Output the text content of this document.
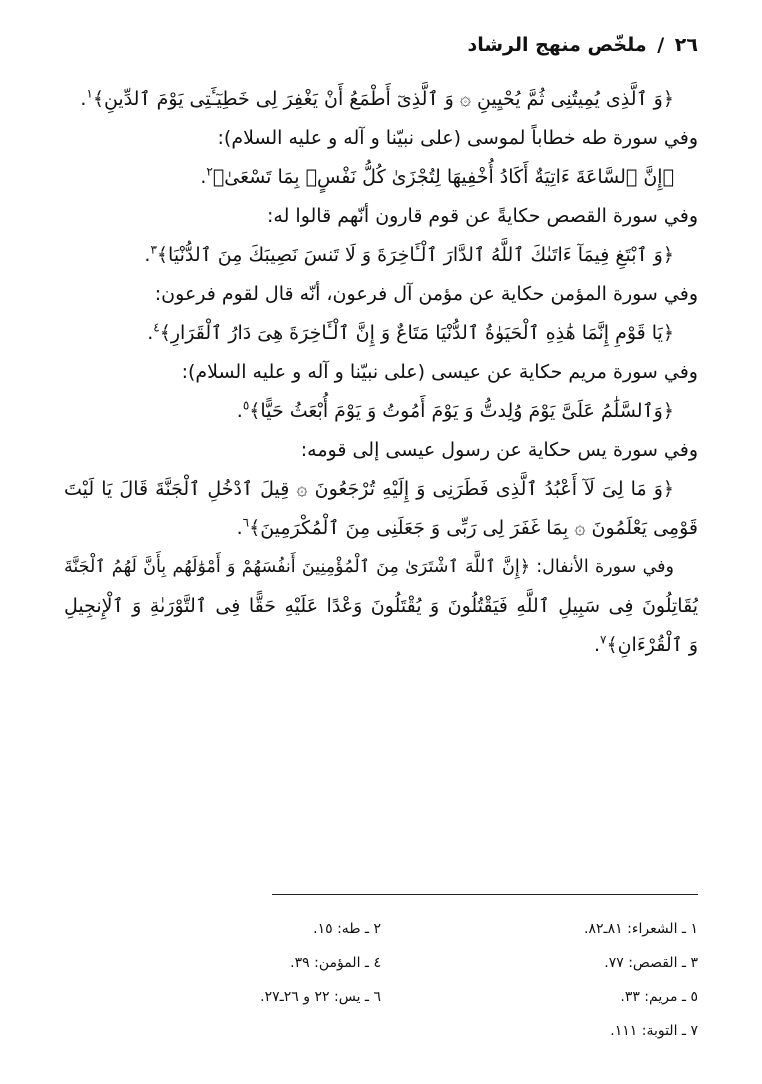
٢٦ / ملخّص منهج الرشاد
﴿وَ ٱلَّذِى يُمِيتُنِى ثُمَّ يُحْيِينِ ۞ وَ ٱلَّذِىٓ أَطْمَعُ أَنْ يَغْفِرَ لِى خَطِيٓـَٔتِى يَوْمَ ٱلدِّينِ﴾$^١$.
وفي سورة طه خطاباً لموسى (على نبيّنا و آله و عليه السلام):
﴿إِنَّ ٱلسَّاعَةَ ءَاتِيَةٌ أَكَادُ أُخْفِيهَا لِتُجْزَىٰ كُلُّ نَفْسٍۭ بِمَا تَسْعَىٰ﴾$^٢$.
وفي سورة القصص حكايةً عن قوم قارون أنّهم قالوا له:
﴿وَ ٱبْتَغِ فِيمَآ ءَاتَىٰكَ ٱللَّهُ ٱلدَّارَ ٱلْـَٔاخِرَةَ وَ لَا تَنسَ نَصِيبَكَ مِنَ ٱلدُّنْيَا﴾$^٣$.
وفي سورة المؤمن حكاية عن مؤمن آل فرعون، أنّه قال لقوم فرعون:
﴿يَا قَوْمِ إِنَّمَا هَٰذِهِ ٱلْحَيَوٰةُ ٱلدُّنْيَا مَتَاعٌ وَ إِنَّ ٱلْـَٔاخِرَةَ هِىَ دَارُ ٱلْقَرَارِ﴾$^٤$.
وفي سورة مريم حكاية عن عيسى (على نبيّنا و آله و عليه السلام):
﴿وَٱلسَّلَٰمُ عَلَىَّ يَوْمَ وُلِدتُّ وَ يَوْمَ أَمُوتُ وَ يَوْمَ أُبْعَثُ حَيًّا﴾$^٥$.
وفي سورة يس حكاية عن رسول عيسى إلى قومه:
﴿وَ مَا لِىَ لَآ أَعْبُدُ ٱلَّذِى فَطَرَنِى وَ إِلَيْهِ تُرْجَعُونَ ۞ قِيلَ ٱدْخُلِ ٱلْجَنَّةَ قَالَ يَا لَيْتَ
قَوْمِى يَعْلَمُونَ ۞ بِمَا غَفَرَ لِى رَبِّى وَ جَعَلَنِى مِنَ ٱلْمُكْرَمِينَ﴾$^٦$.
وفي سورة الأنفال: ﴿إِنَّ ٱللَّهَ ٱشْتَرَىٰ مِنَ ٱلْمُؤْمِنِينَ أَنفُسَهُمْ وَ أَمْوَٰلَهُم بِأَنَّ لَهُمُ ٱلْجَنَّةَ
يُقَاتِلُونَ فِى سَبِيلِ ٱللَّهِ فَيَقْتُلُونَ وَ يُقْتَلُونَ وَعْدًا عَلَيْهِ حَقًّا فِى ٱلتَّوْرَىٰةِ وَ ٱلْإِنجِيلِ
وَ ٱلْقُرْءَانِ﴾$^٧$.
١ ـ الشعراء: ٨١ـ٨٢.
٢ ـ طه: ١٥.
٣ ـ القصص: ٧٧.
٤ ـ المؤمن: ٣٩.
٥ ـ مريم: ٣٣.
٦ ـ يس: ٢٢ و ٢٦ـ٢٧.
٧ ـ التوبة: ١١١.
